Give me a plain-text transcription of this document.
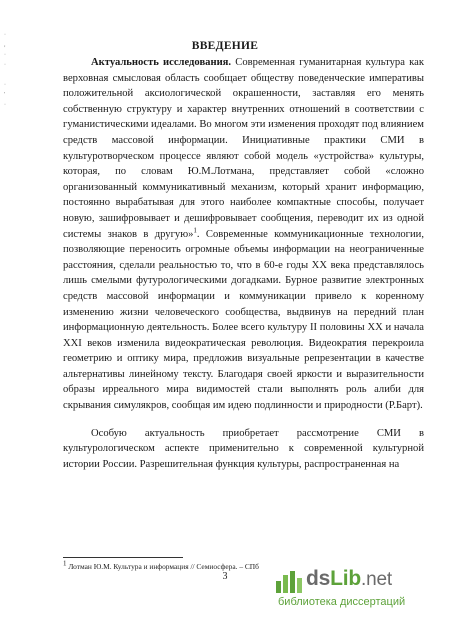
·
,
·
·
·
'
·
ВВЕДЕНИЕ

Актуальность исследования. Современная гуманитарная культура как верховная смысловая область сообщает обществу поведенческие императивы положительной аксиологической окрашенности, заставляя его менять собственную структуру и характер внутренних отношений в соответствии с гуманистическими идеалами. Во многом эти изменения проходят под влиянием средств массовой информации. Инициативные практики СМИ в культуротворческом процессе являют собой модель «устройства» культуры, которая, по словам Ю.М.Лотмана, представляет собой «сложно организованный коммуникативный механизм, который хранит информацию, постоянно вырабатывая для этого наиболее компактные способы, получает новую, зашифровывает и дешифровывает сообщения, переводит их из одной системы знаков в другую»$^1$. Современные коммуникационные технологии, позволяющие переносить огромные объемы информации на неограниченные расстояния, сделали реальностью то, что в 60-е годы ХХ века представлялось лишь смелыми футурологическими догадками. Бурное развитие электронных средств массовой информации и коммуникации привело к коренному изменению жизни человеческого сообщества, выдвинув на передний план информационную деятельность. Более всего культуру II половины ХХ и начала ХХI веков изменила видеократическая революция. Видеократия перекроила геометрию и оптику мира, предложив визуальные репрезентации в качестве альтернативы линейному тексту. Благодаря своей яркости и выразительности образы ирреального мира видимостей стали выполнять роль алиби для скрывания симулякров, сообщая им идею подлинности и природности (Р.Барт).

Особую актуальность приобретает рассмотрение СМИ в культурологическом аспекте применительно к современной культурной истории России. Разрешительная функция культуры, распространенная на

$^1$ Лотман Ю.М. Культура и информация // Семиосфера. – СПб
3	dsLib.net
библиотека диссертаций
